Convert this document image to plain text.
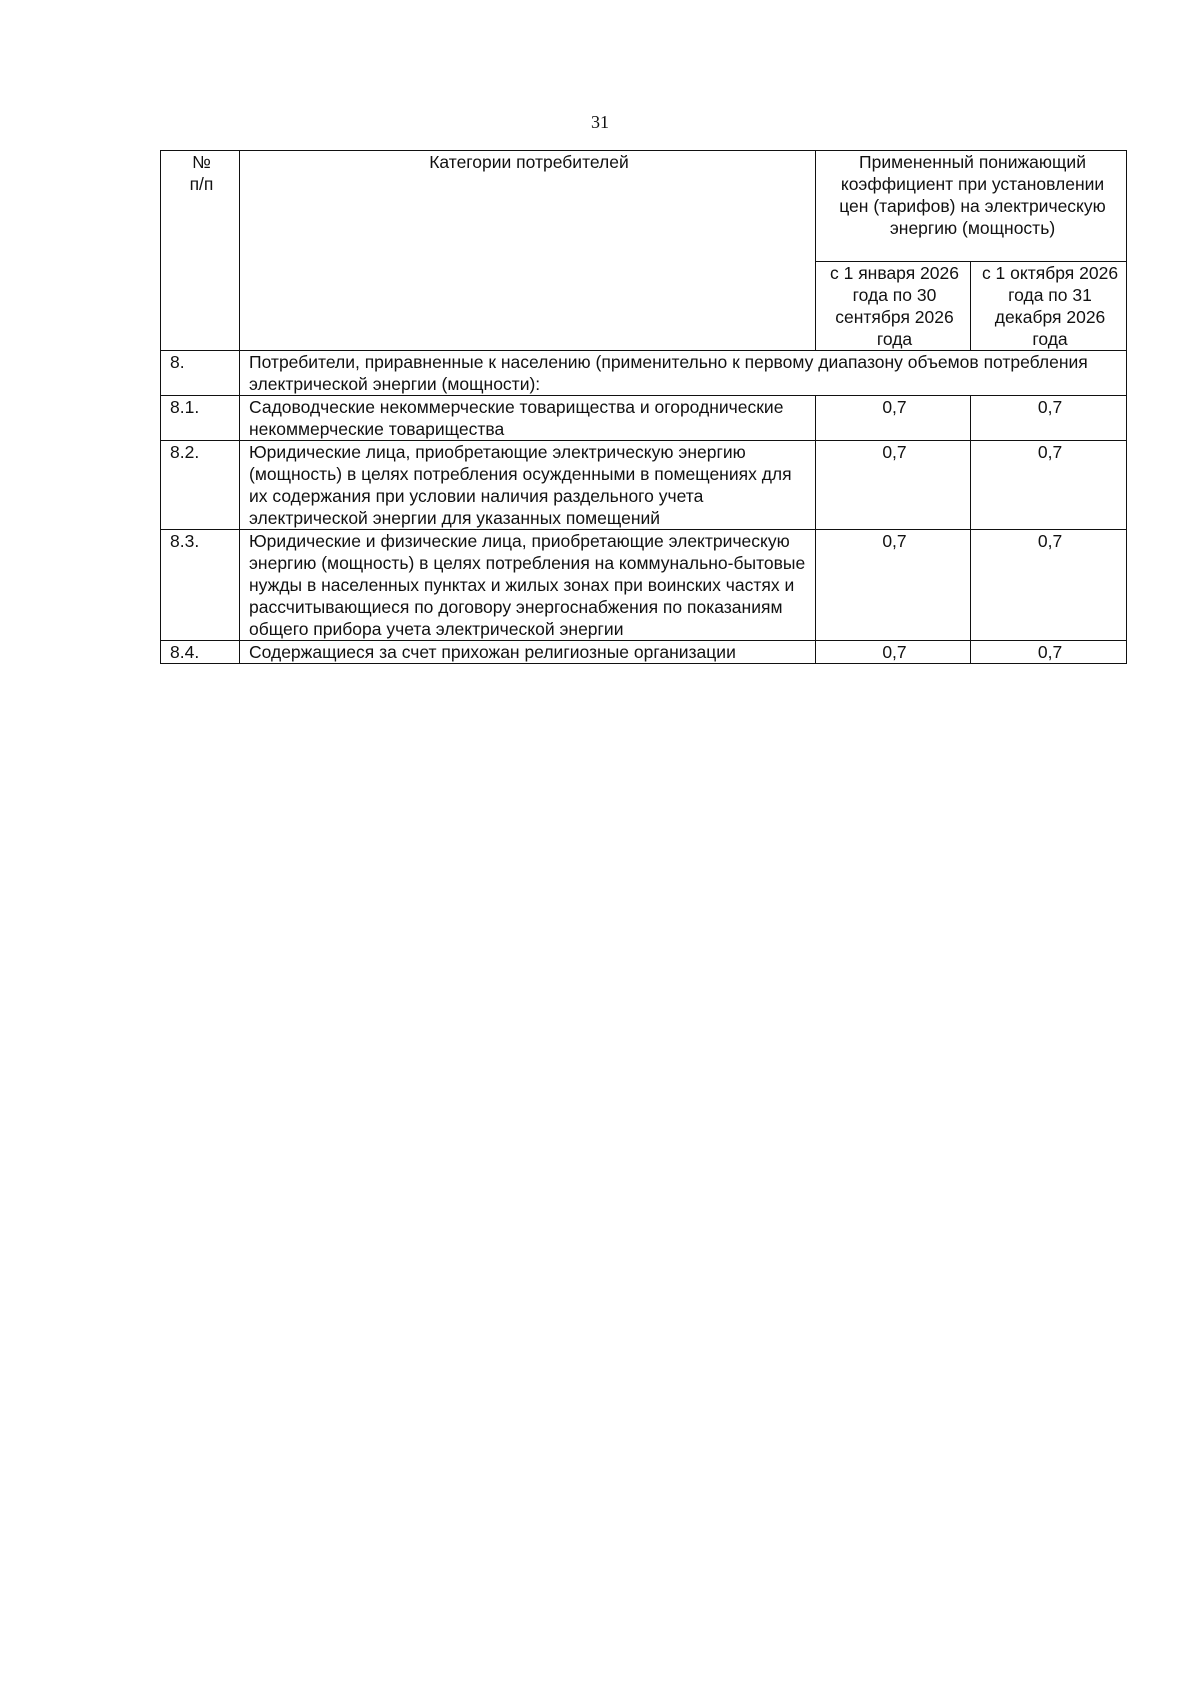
31
№
п/п	Категории потребителей	Примененный понижающий коэффициент при установлении цен (тарифов) на электрическую энергию (мощность)	
		с 1 января 2026 года по 30 сентября 2026 года	с 1 октября 2026 года по 31 декабря 2026 года
8.	Потребители, приравненные к населению (применительно к первому диапазону объемов потребления электрической энергии (мощности):		
8.1.	Садоводческие некоммерческие товарищества и огороднические некоммерческие товарищества	0,7	0,7
8.2.	Юридические лица, приобретающие электрическую энергию (мощность) в целях потребления осужденными в помещениях для их содержания при условии наличия раздельного учета электрической энергии для указанных помещений	0,7	0,7
8.3.	Юридические и физические лица, приобретающие электрическую энергию (мощность) в целях потребления на коммунально-бытовые нужды в населенных пунктах и жилых зонах при воинских частях и рассчитывающиеся по договору энергоснабжения по показаниям общего прибора учета электрической энергии	0,7	0,7
8.4.	Содержащиеся за счет прихожан религиозные организации	0,7	0,7
